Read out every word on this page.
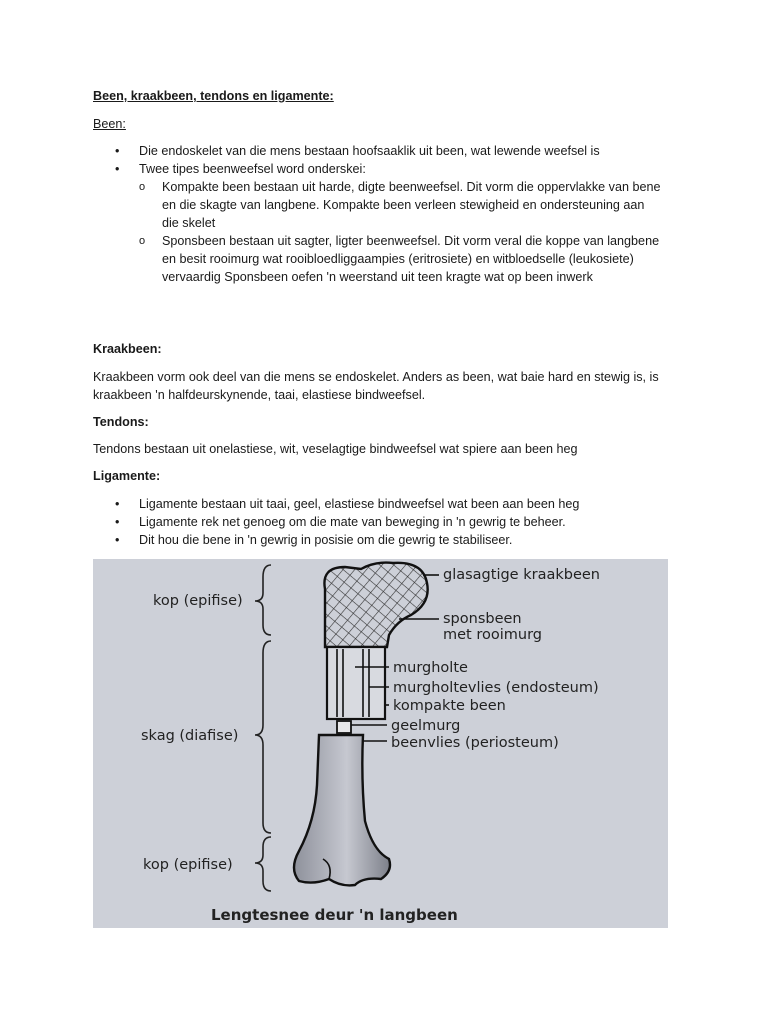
Been, kraakbeen, tendons en ligamente:
Been:
• Die endoskelet van die mens bestaan hoofsaaklik uit been, wat lewende weefsel is
• Twee tipes beenweefsel word onderskei:
o Kompakte been bestaan uit harde, digte beenweefsel. Dit vorm die oppervlakke van bene en die skagte van langbene. Kompakte been verleen stewigheid en ondersteuning aan die skelet
o Sponsbeen bestaan uit sagter, ligter beenweefsel. Dit vorm veral die koppe van langbene en besit rooimurg wat rooibloedliggaampies (eritrosiete) en witbloedselle (leukosiete) vervaardig Sponsbeen oefen 'n weerstand uit teen kragte wat op been inwerk
Kraakbeen:
Kraakbeen vorm ook deel van die mens se endoskelet. Anders as been, wat baie hard en stewig is, is kraakbeen 'n halfdeurskynende, taai, elastiese bindweefsel.
Tendons:
Tendons bestaan uit onelastiese, wit, veselagtige bindweefsel wat spiere aan been heg
Ligamente:
• Ligamente bestaan uit taai, geel, elastiese bindweefsel wat been aan been heg
• Ligamente rek net genoeg om die mate van beweging in 'n gewrig te beheer.
• Dit hou die bene in 'n gewrig in posisie om die gewrig te stabiliseer.
kop (epifise)
skag (diafise)
kop (epifise)
glasagtige kraakbeen
sponsbeen
met rooimurg
murgholte
murgholtevlies (endosteum)
kompakte been
geelmurg
beenvlies (periosteum)
Lengtesnee deur 'n langbeen
